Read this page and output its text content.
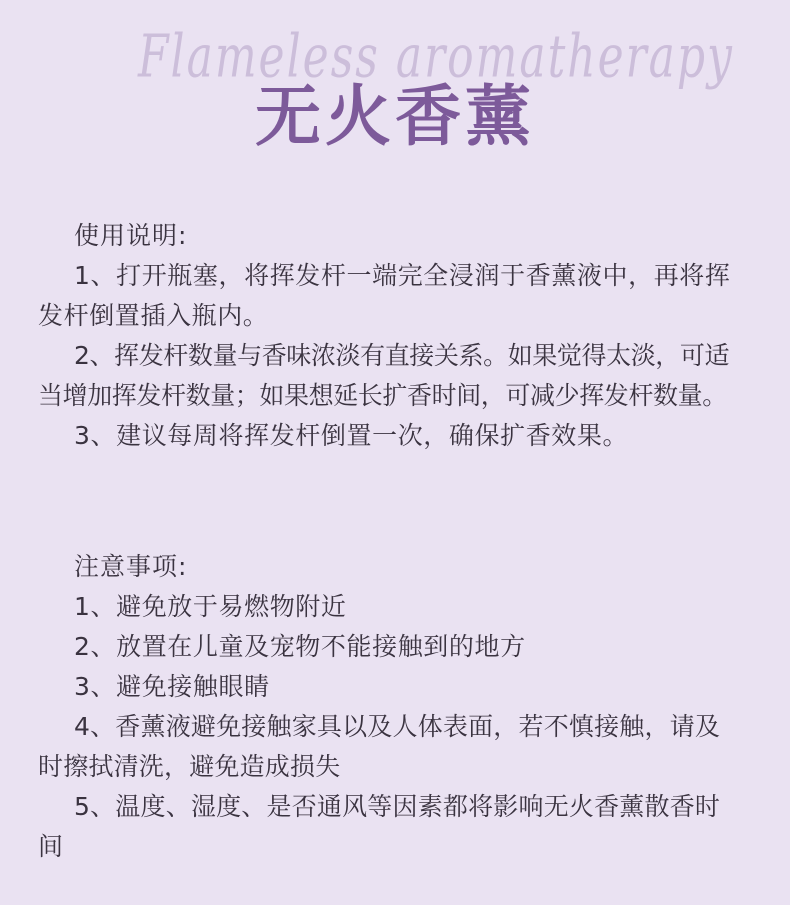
Flameless aromatherapy
无火香薰

使用说明:

1、打开瓶塞，将挥发杆一端完全浸润于香薰液中，再将挥发杆倒置插入瓶内。

2、挥发杆数量与香味浓淡有直接关系。如果觉得太淡，可适当增加挥发杆数量；如果想延长扩香时间，可减少挥发杆数量。

3、建议每周将挥发杆倒置一次，确保扩香效果。

注意事项:

1、避免放于易燃物附近

2、放置在儿童及宠物不能接触到的地方

3、避免接触眼睛

4、香薰液避免接触家具以及人体表面，若不慎接触，请及时擦拭清洗，避免造成损失

5、温度、湿度、是否通风等因素都将影响无火香薰散香时间
